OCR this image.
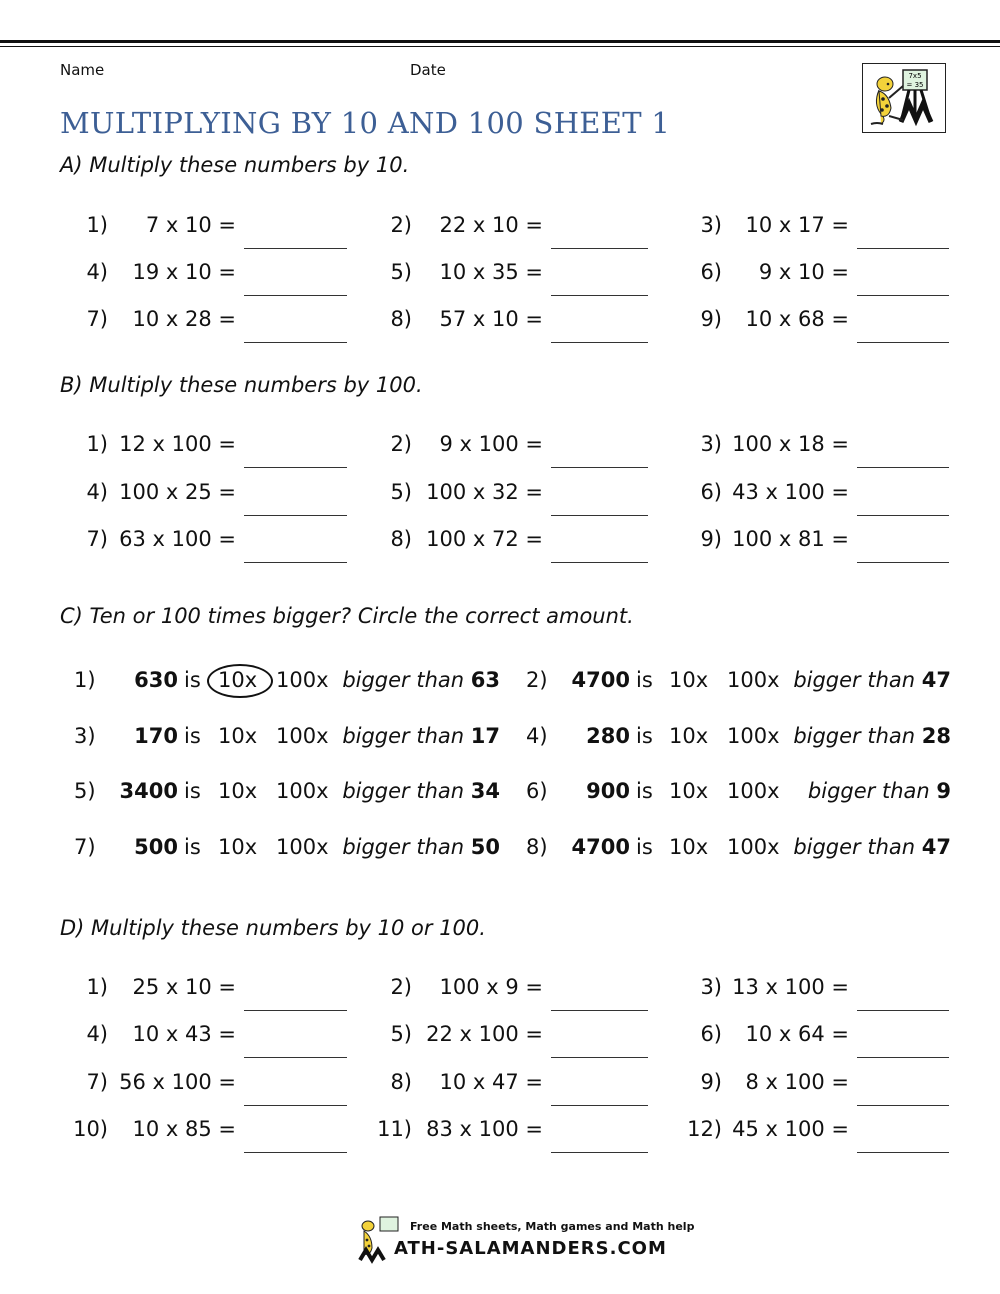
Name	Date	7x5
= 35
MULTIPLYING BY 10 AND 100 SHEET 1
A) Multiply these numbers by 10.
1)	7 x 10 =	2)	22 x 10 =	3)	10 x 17 =
4)	19 x 10 =	5)	10 x 35 =	6)	9 x 10 =
7)	10 x 28 =	8)	57 x 10 =	9)	10 x 68 =
B) Multiply these numbers by 100.
1) 12 x 100 =	2)	9 x 100 =	3) 100 x 18 =
4) 100 x 25 =	5) 100 x 32 =	6) 43 x 100 =
7) 63 x 100 =	8) 100 x 72 =	9) 100 x 81 =
C) Ten or 100 times bigger? Circle the correct amount.
1)	630 is 10x 100x bigger than 63 2)	4700 is 10x 100x bigger than 47
3)	170 is 10x 100x bigger than 17 4)	280 is 10x 100x bigger than 28
5)	3400 is 10x 100x bigger than 34 6)	900 is 10x 100x	bigger than 9
7)	500 is 10x 100x bigger than 50 8)	4700 is 10x 100x bigger than 47
D) Multiply these numbers by 10 or 100.
1)	25 x 10 =	2)	100 x 9 =	3) 13 x 100 =
4)	10 x 43 =	5) 22 x 100 =	6)	10 x 64 =
7) 56 x 100 =	8)	10 x 47 =	9)	8 x 100 =
10)	10 x 85 =	11) 83 x 100 =	12) 45 x 100 =
Free Math sheets, Math games and Math help
ATH-SALAMANDERS.COM
